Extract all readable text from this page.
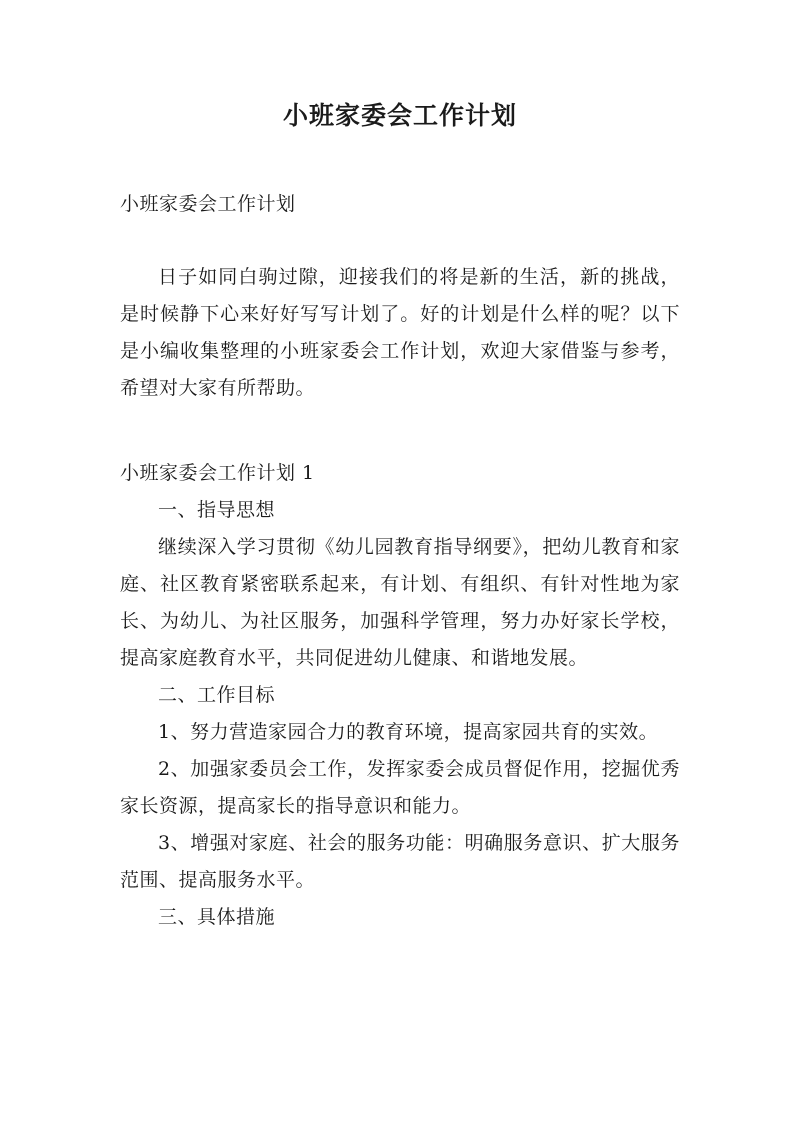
小班家委会工作计划
小班家委会工作计划

日子如同白驹过隙，迎接我们的将是新的生活，新的挑战，是时候静下心来好好写写计划了。好的计划是什么样的呢？以下是小编收集整理的小班家委会工作计划，欢迎大家借鉴与参考，希望对大家有所帮助。

小班家委会工作计划 1

一、指导思想

继续深入学习贯彻《幼儿园教育指导纲要》，把幼儿教育和家庭、社区教育紧密联系起来，有计划、有组织、有针对性地为家长、为幼儿、为社区服务，加强科学管理，努力办好家长学校，提高家庭教育水平，共同促进幼儿健康、和谐地发展。

二、工作目标

1、努力营造家园合力的教育环境，提高家园共育的实效。

2、加强家委员会工作，发挥家委会成员督促作用，挖掘优秀家长资源，提高家长的指导意识和能力。

3、增强对家庭、社会的服务功能：明确服务意识、扩大服务范围、提高服务水平。

三、具体措施
